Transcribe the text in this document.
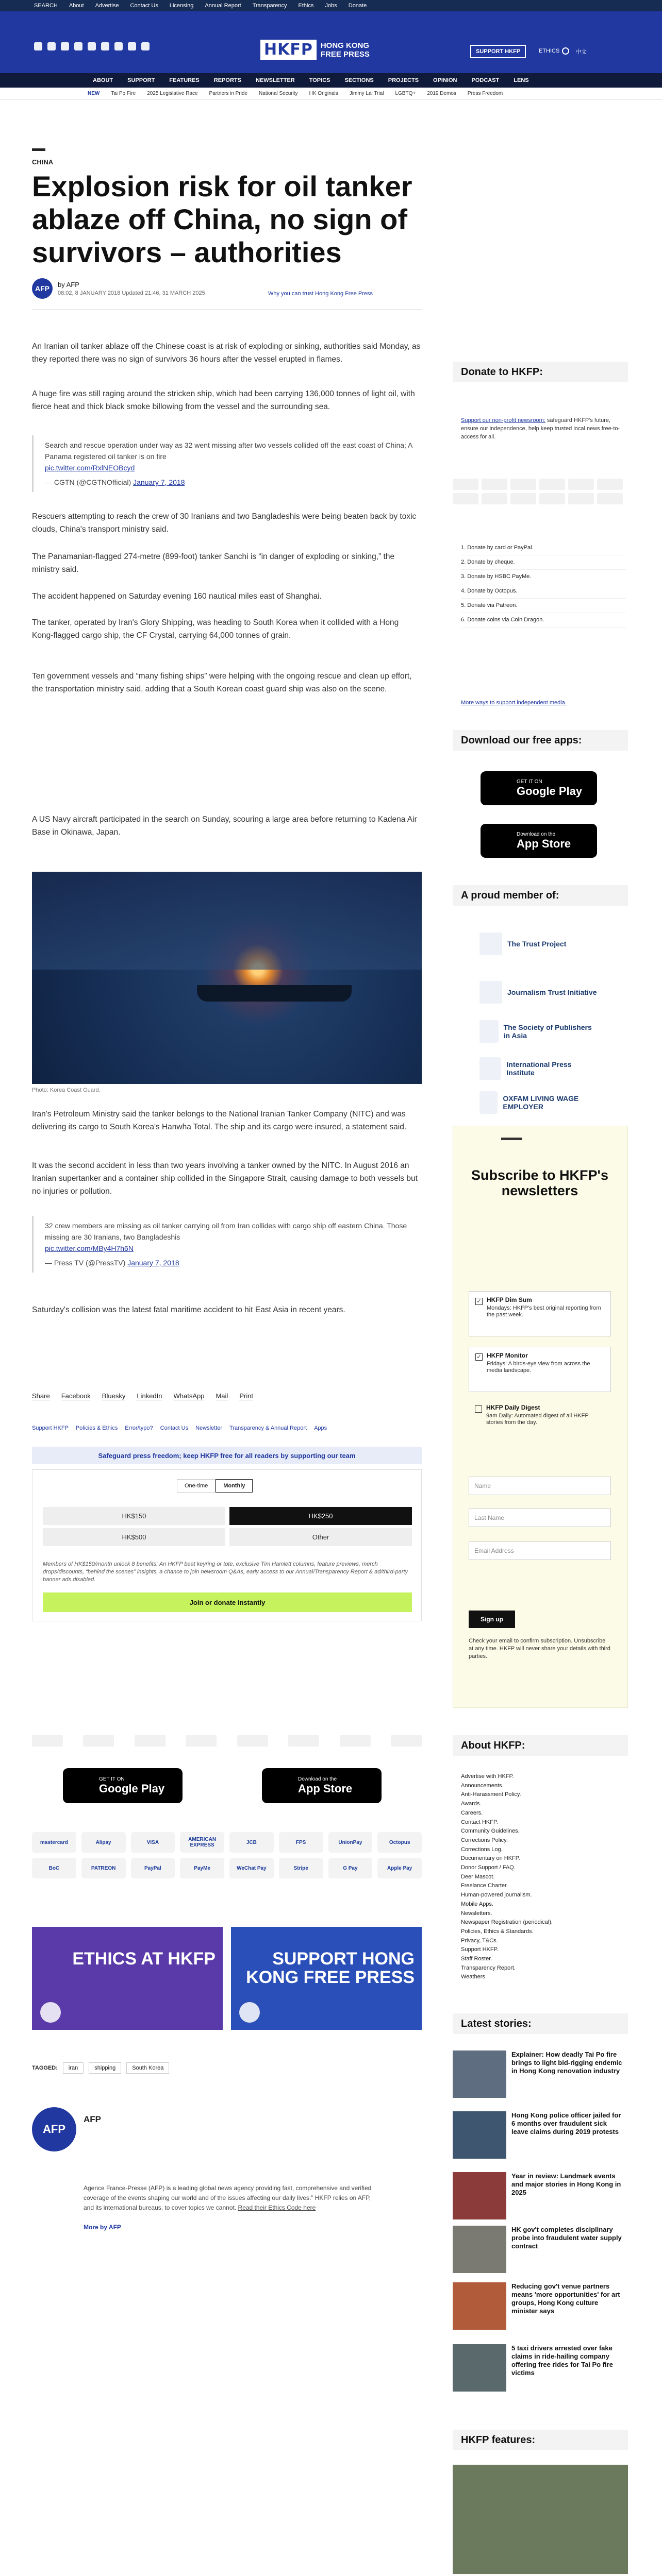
SEARCH About Advertise Contact Us Licensing Annual Report Transparency Ethics Jobs Donate
HKFP	HONG KONG FREE PRESS	SUPPORT HKFP	ETHICS	中文
ABOUT	SUPPORT	FEATURES	REPORTS	NEWSLETTER	TOPICS	SECTIONS	PROJECTS	OPINION	PODCAST	LENS
NEW Tai Po Fire 2025 Legislative Race Partners in Pride National Security HK Originals Jimmy Lai Trial LGBTQ+ 2019 Demos Press Freedom
CHINA
Explosion risk for oil tanker ablaze off China, no sign of survivors – authorities
AFP	by AFP
08:02, 8 JANUARY 2018 Updated 21:46, 31 MARCH 2025	Why you can trust Hong Kong Free Press

An Iranian oil tanker ablaze off the Chinese coast is at risk of exploding or sinking, authorities said Monday, as they reported there was no sign of survivors 36 hours after the vessel erupted in flames.

A huge fire was still raging around the stricken ship, which had been carrying 136,000 tonnes of light oil, with fierce heat and thick black smoke billowing from the vessel and the surrounding sea.

Search and rescue operation under way as 32 went missing after two vessels collided off the east coast of China; A Panama registered oil tanker is on fire
pic.twitter.com/RxlNEOBcyd
— CGTN (@CGTNOfficial) January 7, 2018

Rescuers attempting to reach the crew of 30 Iranians and two Bangladeshis were being beaten back by toxic clouds, China's transport ministry said.

The Panamanian-flagged 274-metre (899-foot) tanker Sanchi is “in danger of exploding or sinking,” the ministry said.

The accident happened on Saturday evening 160 nautical miles east of Shanghai.

The tanker, operated by Iran's Glory Shipping, was heading to South Korea when it collided with a Hong Kong-flagged cargo ship, the CF Crystal, carrying 64,000 tonnes of grain.

Ten government vessels and “many fishing ships” were helping with the ongoing rescue and clean up effort, the transportation ministry said, adding that a South Korean coast guard ship was also on the scene.

A US Navy aircraft participated in the search on Sunday, scouring a large area before returning to Kadena Air Base in Okinawa, Japan.

Photo: Korea Coast Guard.

Iran's Petroleum Ministry said the tanker belongs to the National Iranian Tanker Company (NITC) and was delivering its cargo to South Korea's Hanwha Total. The ship and its cargo were insured, a statement said.

It was the second accident in less than two years involving a tanker owned by the NITC. In August 2016 an Iranian supertanker and a container ship collided in the Singapore Strait, causing damage to both vessels but no injuries or pollution.

32 crew members are missing as oil tanker carrying oil from Iran collides with cargo ship off eastern China. Those missing are 30 Iranians, two Bangladeshis
pic.twitter.com/MBy4H7h6N
— Press TV (@PressTV) January 7, 2018

Saturday's collision was the latest fatal maritime accident to hit East Asia in recent years.

Share Facebook Bluesky LinkedIn WhatsApp Mail Print
Support HKFP Policies & Ethics Error/typo? Contact Us Newsletter Transparency & Annual Report Apps
Safeguard press freedom; keep HKFP free for all readers by supporting our team
One-time	Monthly
HK$150	HK$250
HK$500	Other
Members of HK$150/month unlock 8 benefits: An HKFP beat keyring or tote, exclusive Tim Hamlett columns, feature previews, merch drops/discounts, “behind the scenes” insights, a chance to join newsroom Q&As, early access to our Annual/Transparency Report & ad/third-party banner ads disabled.
Join or donate instantly
GET IT ON
Google Play
Download on the
App Store
mastercard	Alipay	VISA	AMERICAN EXPRESS	JCB	FPS	UnionPay	Octopus
BoC	PATREON	PayPal	PayMe	WeChat Pay	Stripe	G Pay	Apple Pay
ETHICS AT HKFP	SUPPORT HONG KONG FREE PRESS
TAGGED:	iran	shipping	South Korea
AFP
AFP
Agence France-Presse (AFP) is a leading global news agency providing fast, comprehensive and verified coverage of the events shaping our world and of the issues affecting our daily lives.” HKFP relies on AFP, and its international bureaus, to cover topics we cannot. Read their Ethics Code here
More by AFP
Donate to HKFP:
Support our non-profit newsroom: safeguard HKFP's future, ensure our independence, help keep trusted local news free-to-access for all.
1. Donate by card or PayPal.
2. Donate by cheque.
3. Donate by HSBC PayMe.
4. Donate by Octopus.
5. Donate via Patreon.
6. Donate coins via Coin Dragon.
More ways to support independent media.
Download our free apps:
GET IT ON
Google Play
Download on the
App Store
A proud member of:
The Trust Project
Journalism Trust Initiative
The Society of Publishers in Asia
International Press Institute
OXFAM LIVING WAGE EMPLOYER
Subscribe to HKFP's newsletters
✓ HKFP Dim Sum
Mondays: HKFP's best original reporting from the past week.
✓ HKFP Monitor
Fridays: A birds-eye view from across the media landscape.
HKFP Daily Digest
9am Daily: Automated digest of all HKFP stories from the day.
Name
Last Name
Email Address
Sign up
Check your email to confirm subscription. Unsubscribe at any time. HKFP will never share your details with third parties.
About HKFP:
Advertise with HKFP.
Announcements.
Anti-Harassment Policy.
Awards.
Careers.
Contact HKFP.
Community Guidelines.
Corrections Policy.
Corrections Log.
Documentary on HKFP.
Donor Support / FAQ.
Deer Mascot.
Freelance Charter.
Human-powered journalism.
Mobile Apps.
Newsletters.
Newspaper Registration (periodical).
Policies, Ethics & Standards.
Privacy, T&Cs.
Support HKFP.
Staff Roster.
Transparency Report.
Weathers
Latest stories:
Explainer: How deadly Tai Po fire brings to light bid-rigging endemic in Hong Kong renovation industry
Hong Kong police officer jailed for 6 months over fraudulent sick leave claims during 2019 protests
Year in review: Landmark events and major stories in Hong Kong in 2025
HK gov't completes disciplinary probe into fraudulent water supply contract
Reducing gov't venue partners means 'more opportunities' for art groups, Hong Kong culture minister says
5 taxi drivers arrested over fake claims in ride-hailing company offering free rides for Tai Po fire victims
HKFP features:
